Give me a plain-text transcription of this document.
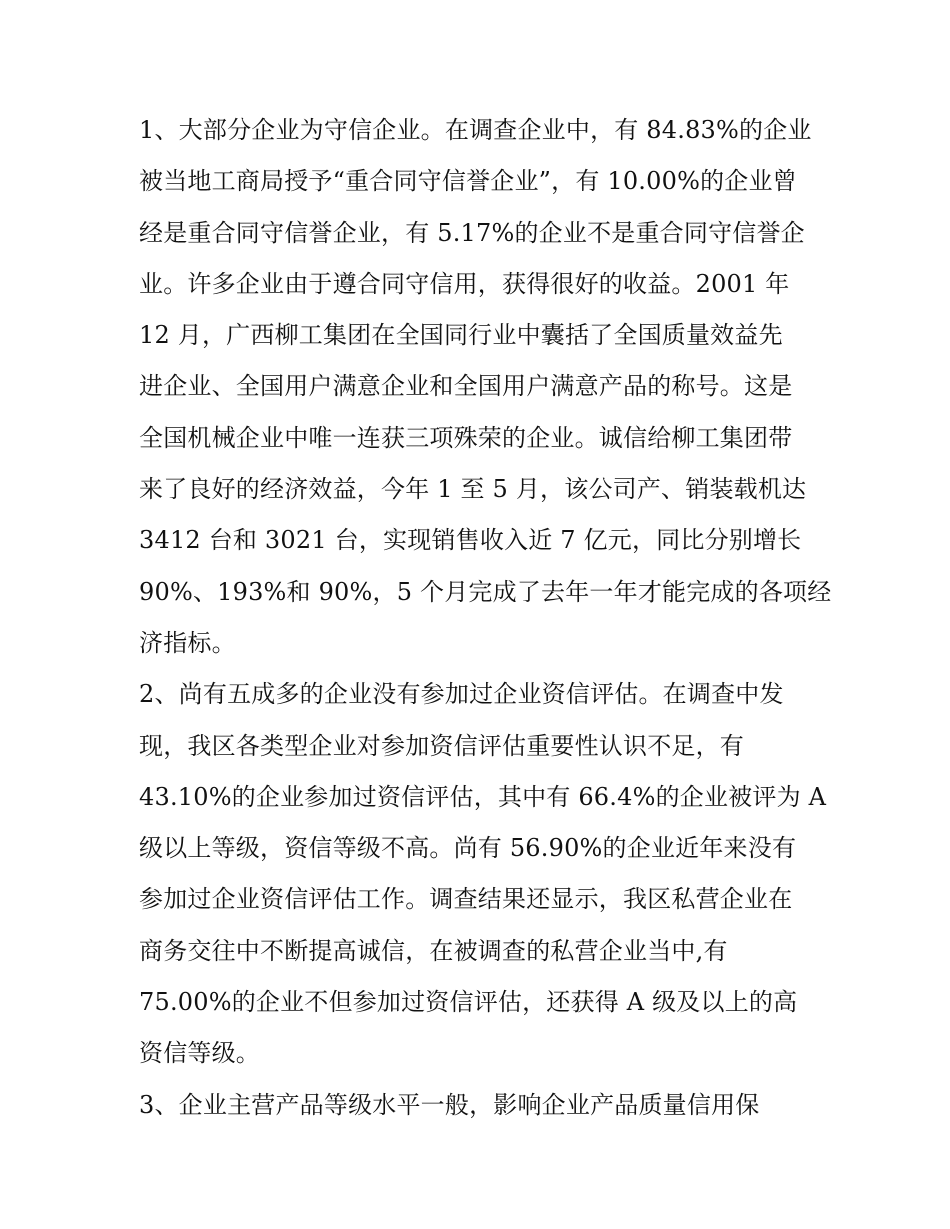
1、大部分企业为守信企业。在调查企业中，有 84.83%的企业
被当地工商局授予“重合同守信誉企业”，有 10.00%的企业曾
经是重合同守信誉企业，有 5.17%的企业不是重合同守信誉企
业。许多企业由于遵合同守信用，获得很好的收益。2001 年
12 月，广西柳工集团在全国同行业中囊括了全国质量效益先
进企业、全国用户满意企业和全国用户满意产品的称号。这是
全国机械企业中唯一连获三项殊荣的企业。诚信给柳工集团带
来了良好的经济效益，今年 1 至 5 月，该公司产、销装载机达
3412 台和 3021 台，实现销售收入近 7 亿元，同比分别增长
90%、193%和 90%，5 个月完成了去年一年才能完成的各项经
济指标。
2、尚有五成多的企业没有参加过企业资信评估。在调查中发
现，我区各类型企业对参加资信评估重要性认识不足，有
43.10%的企业参加过资信评估，其中有 66.4%的企业被评为 A
级以上等级，资信等级不高。尚有 56.90%的企业近年来没有
参加过企业资信评估工作。调查结果还显示，我区私营企业在
商务交往中不断提高诚信，在被调查的私营企业当中,有
75.00%的企业不但参加过资信评估，还获得 A 级及以上的高
资信等级。
3、企业主营产品等级水平一般，影响企业产品质量信用保
